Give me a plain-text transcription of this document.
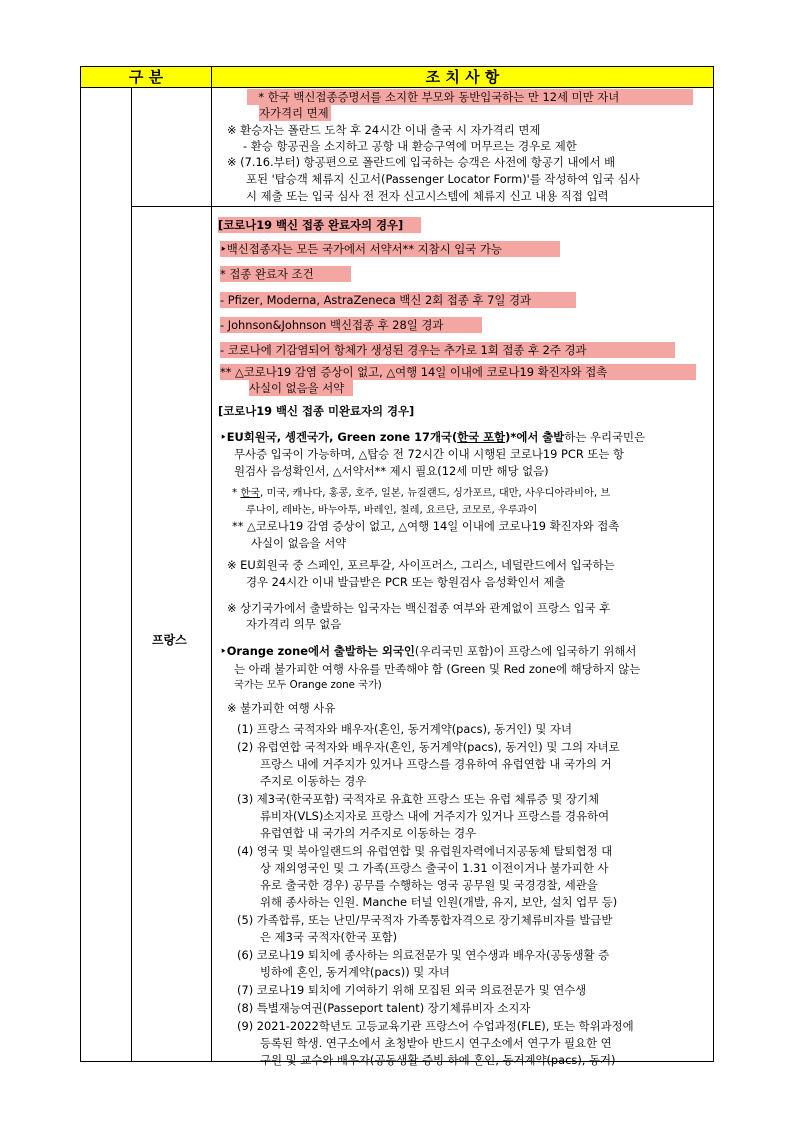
구 분	조 치 사 항
프랑스
　* 한국 백신접종증명서를 소지한 부모와 동반입국하는 만 12세 미만 자녀
자가격리 면제
※ 환승자는 폴란드 도착 후 24시간 이내 출국 시 자가격리 면제
- 환승 항공권을 소지하고 공항 내 환승구역에 머무르는 경우로 제한
※ (7.16.부터) 항공편으로 폴란드에 입국하는 승객은 사전에 항공기 내에서 배
포된 '탑승객 체류지 신고서(Passenger Locator Form)'를 작성하여 입국 심사
시 제출 또는 입국 심사 전 전자 신고시스템에 체류지 신고 내용 직접 입력
[코로나19 백신 접종 완료자의 경우]
‣백신접종자는 모든 국가에서 서약서** 지참시 입국 가능
* 접종 완료자 조건
- Pfizer, Moderna, AstraZeneca 백신 2회 접종 후 7일 경과
- Johnson&Johnson 백신접종 후 28일 경과
- 코로나에 기감염되어 항체가 생성된 경우는 추가로 1회 접종 후 2주 경과
** △코로나19 감염 증상이 없고, △여행 14일 이내에 코로나19 확진자와 접촉
사실이 없음을 서약
[코로나19 백신 접종 미완료자의 경우]
무사증 입국이 가능하며, △탑승 전 72시간 이내 시행된 코로나19 PCR 또는 항
원검사 음성확인서, △서약서** 제시 필요(12세 미만 해당 없음)
루나이, 레바논, 바누아투, 바레인, 칠레, 요르단, 코모로, 우루과이
** △코로나19 감염 증상이 없고, △여행 14일 이내에 코로나19 확진자와 접촉
사실이 없음을 서약
※ EU회원국 중 스페인, 포르투갈, 사이프러스, 그리스, 네덜란드에서 입국하는
경우 24시간 이내 발급받은 PCR 또는 항원검사 음성확인서 제출
※ 상기국가에서 출발하는 입국자는 백신접종 여부와 관계없이 프랑스 입국 후
자가격리 의무 없음
는 아래 불가피한 여행 사유를 만족해야 함 (Green 및 Red zone에 해당하지 않는
국가는 모두 Orange zone 국가)
※ 불가피한 여행 사유
(1) 프랑스 국적자와 배우자(혼인, 동거계약(pacs), 동거인) 및 자녀
(2) 유럽연합 국적자와 배우자(혼인, 동거계약(pacs), 동거인) 및 그의 자녀로
프랑스 내에 거주지가 있거나 프랑스를 경유하여 유럽연합 내 국가의 거
주지로 이동하는 경우
(3) 제3국(한국포함) 국적자로 유효한 프랑스 또는 유럽 체류증 및 장기체
류비자(VLS)소지자로 프랑스 내에 거주지가 있거나 프랑스를 경유하여
유럽연합 내 국가의 거주지로 이동하는 경우
(4) 영국 및 북아일랜드의 유럽연합 및 유럽원자력에너지공동체 탈퇴협정 대
상 재외영국인 및 그 가족(프랑스 출국이 1.31 이전이거나 불가피한 사
유로 출국한 경우) 공무를 수행하는 영국 공무원 및 국경경찰, 세관을
위해 종사하는 인원. Manche 터널 인원(개발, 유지, 보안, 설치 업무 등)
(5) 가족합류, 또는 난민/무국적자 가족통합자격으로 장기체류비자를 발급받
은 제3국 국적자(한국 포함)
(6) 코로나19 퇴치에 종사하는 의료전문가 및 연수생과 배우자(공동생활 증
빙하에 혼인, 동거계약(pacs)) 및 자녀
(7) 코로나19 퇴치에 기여하기 위해 모집된 외국 의료전문가 및 연수생
(8) 특별재능여권(Passeport talent) 장기체류비자 소지자
(9) 2021-2022학년도 고등교육기관 프랑스어 수업과정(FLE), 또는 학위과정에
등록된 학생. 연구소에서 초청받아 반드시 연구소에서 연구가 필요한 연
구원 및 교수와 배우자(공동생활 증빙 하에 혼인, 동거계약(pacs), 동거)
‣EU회원국, 솅겐국가, Green zone 17개국(한국 포함)*에서 출발하는 우리국민은
* 한국, 미국, 캐나다, 홍콩, 호주, 일본, 뉴질랜드, 싱가포르, 대만, 사우디아라비아, 브
‣Orange zone에서 출발하는 외국인(우리국민 포함)이 프랑스에 입국하기 위해서
